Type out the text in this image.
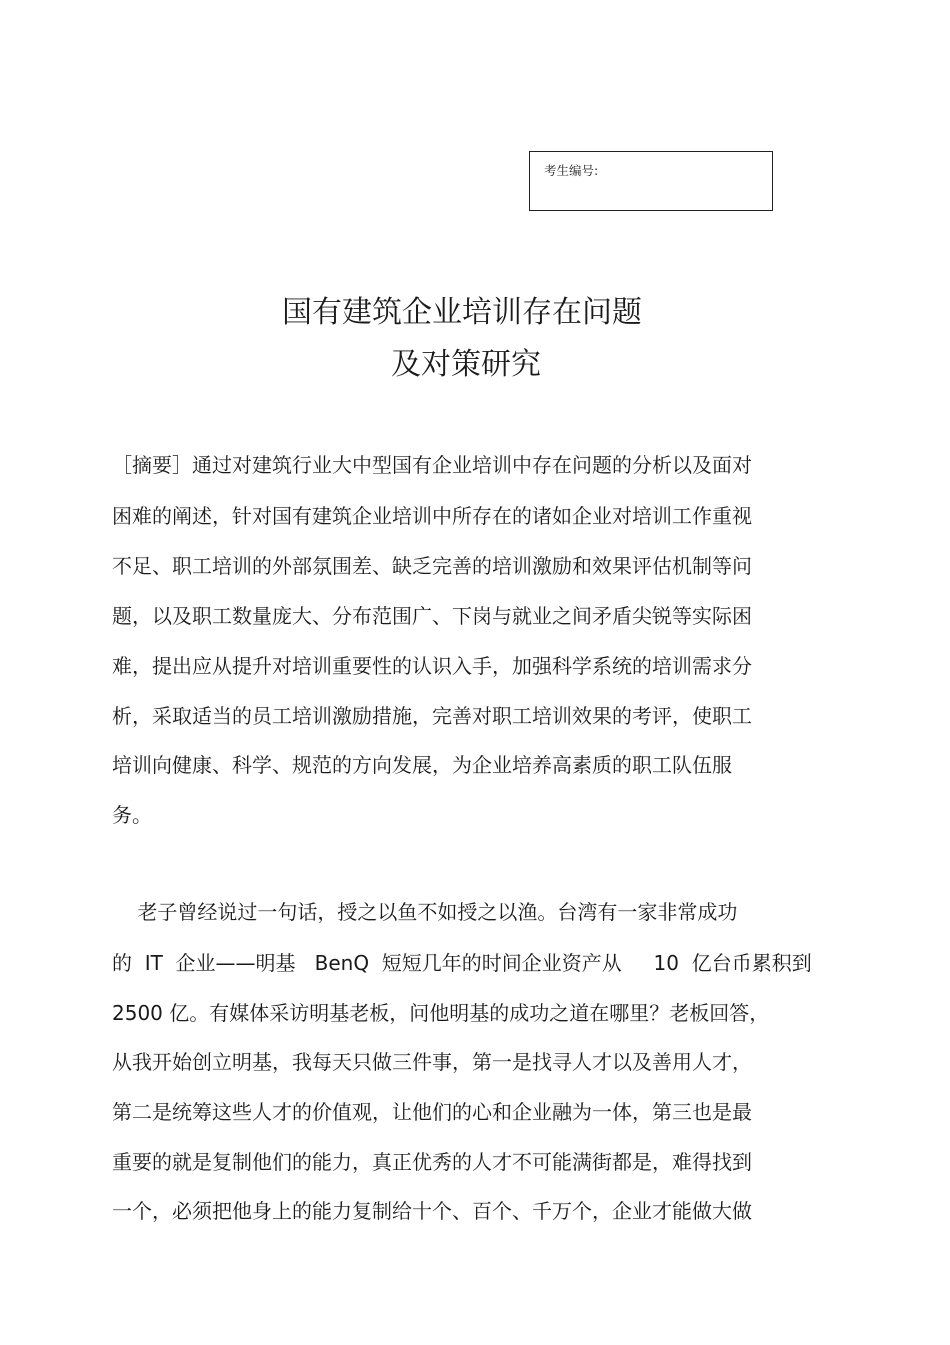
考生编号:
国有建筑企业培训存在问题
及对策研究
［摘要］通过对建筑行业大中型国有企业培训中存在问题的分析以及面对
困难的阐述，针对国有建筑企业培训中所存在的诸如企业对培训工作重视
不足、职工培训的外部氛围差、缺乏完善的培训激励和效果评估机制等问
题，以及职工数量庞大、分布范围广、下岗与就业之间矛盾尖锐等实际困
难，提出应从提升对培训重要性的认识入手，加强科学系统的培训需求分
析，采取适当的员工培训激励措施，完善对职工培训效果的考评，使职工
培训向健康、科学、规范的方向发展，为企业培养高素质的职工队伍服
务。
老子曾经说过一句话，授之以鱼不如授之以渔。台湾有一家非常成功
的  IT  企业——明基   BenQ  短短几年的时间企业资产从     10  亿台币累积到
2500 亿。有媒体采访明基老板，问他明基的成功之道在哪里？老板回答，
从我开始创立明基，我每天只做三件事，第一是找寻人才以及善用人才，
第二是统筹这些人才的价值观，让他们的心和企业融为一体，第三也是最
重要的就是复制他们的能力，真正优秀的人才不可能满街都是，难得找到
一个，必须把他身上的能力复制给十个、百个、千万个，企业才能做大做
